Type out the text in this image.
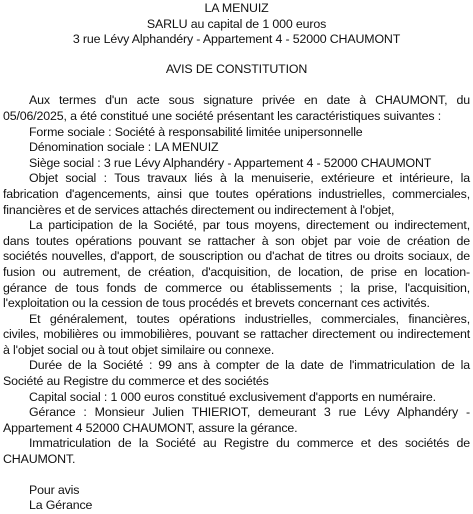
LA MENUIZ

SARLU au capital de 1 000 euros

3 rue Lévy Alphandéry - Appartement 4 - 52000 CHAUMONT

AVIS DE CONSTITUTION

Aux termes d'un acte sous signature privée en date à CHAUMONT, du 05/06/2025, a été constitué une société présentant les caractéristiques suivantes :

Forme sociale : Société à responsabilité limitée unipersonnelle

Dénomination sociale : LA MENUIZ

Siège social : 3 rue Lévy Alphandéry - Appartement 4 - 52000 CHAUMONT

Objet social : Tous travaux liés à la menuiserie, extérieure et intérieure, la fabrication d'agencements, ainsi que toutes opérations industrielles, commerciales, financières et de services attachés directement ou indirectement à l'objet,

La participation de la Société, par tous moyens, directement ou indirectement, dans toutes opérations pouvant se rattacher à son objet par voie de création de sociétés nouvelles, d'apport, de souscription ou d'achat de titres ou droits sociaux, de fusion ou autrement, de création, d'acquisition, de location, de prise en location-gérance de tous fonds de commerce ou établissements ; la prise, l'acquisition, l'exploitation ou la cession de tous procédés et brevets concernant ces activités.

Et généralement, toutes opérations industrielles, commerciales, financières, civiles, mobilières ou immobilières, pouvant se rattacher directement ou indirectement à l'objet social ou à tout objet similaire ou connexe.

Durée de la Société : 99 ans à compter de la date de l'immatriculation de la Société au Registre du commerce et des sociétés

Capital social : 1 000 euros constitué exclusivement d'apports en numéraire.

Gérance : Monsieur Julien THIERIOT, demeurant 3 rue Lévy Alphandéry - Appartement 4 52000 CHAUMONT, assure la gérance.

Immatriculation de la Société au Registre du commerce et des sociétés de CHAUMONT.

Pour avis

La Gérance
